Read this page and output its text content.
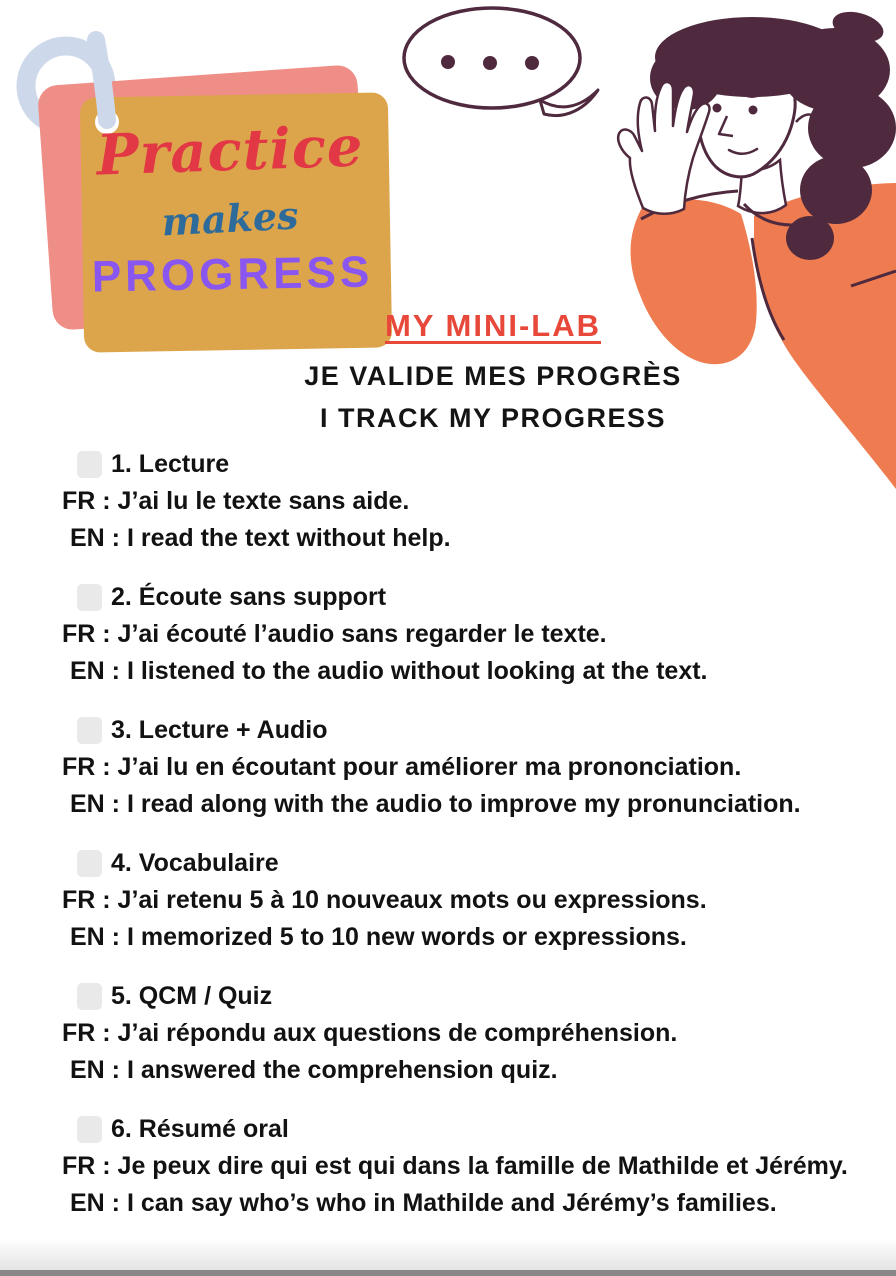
Practice
makes
PROGRESS
MY MINI-LAB
JE VALIDE MES PROGRÈS
I TRACK MY PROGRESS
1. Lecture
FR : J’ai lu le texte sans aide.
EN : I read the text without help.
2. Écoute sans support
FR : J’ai écouté l’audio sans regarder le texte.
EN : I listened to the audio without looking at the text.
3. Lecture + Audio
FR : J’ai lu en écoutant pour améliorer ma prononciation.
EN : I read along with the audio to improve my pronunciation.
4. Vocabulaire
FR : J’ai retenu 5 à 10 nouveaux mots ou expressions.
EN : I memorized 5 to 10 new words or expressions.
5. QCM / Quiz
FR : J’ai répondu aux questions de compréhension.
EN : I answered the comprehension quiz.
6. Résumé oral
FR : Je peux dire qui est qui dans la famille de Mathilde et Jérémy.
EN : I can say who’s who in Mathilde and Jérémy’s families.
